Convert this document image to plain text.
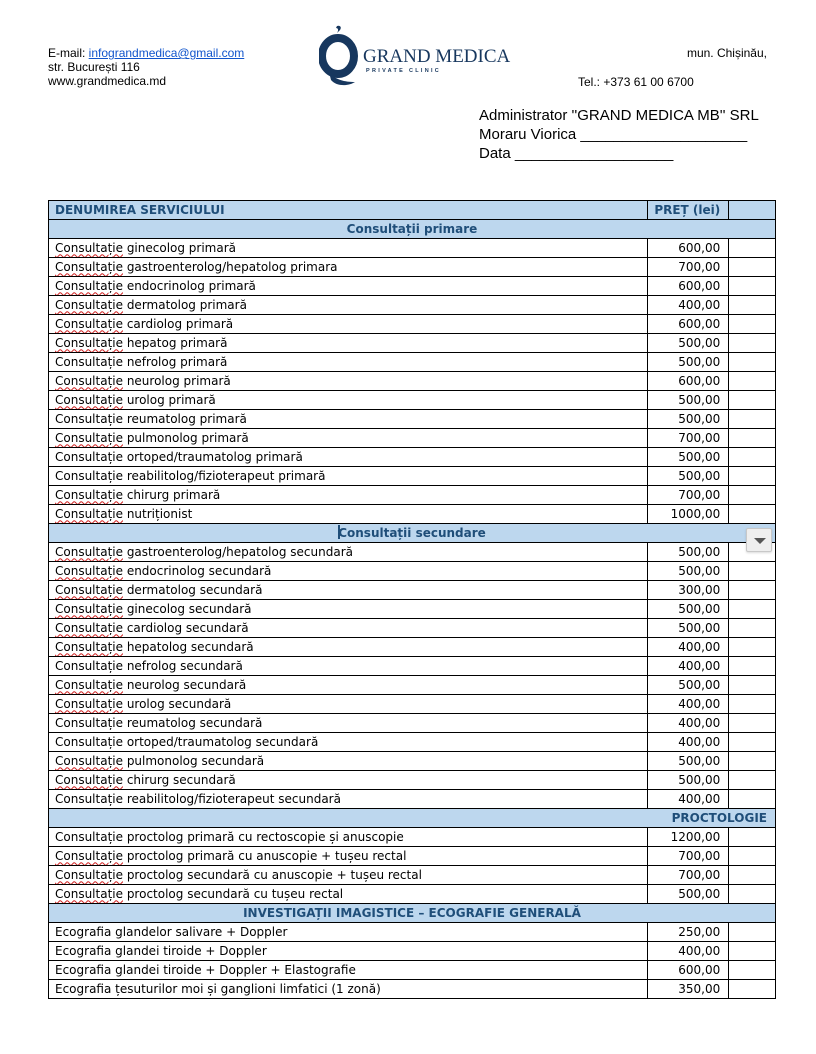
E-mail: infograndmedica@gmail.com
str. București 116
www.grandmedica.md
GRAND MEDICA
PRIVATE CLINIC
mun. Chișinău,
Tel.: +373 61 00 6700
Administrator ''GRAND MEDICA MB'' SRL
Moraru Viorica ____________________
Data ___________________
DENUMIREA SERVICIULUI	PREȚ (lei)	
Consultații primare		
Consultație ginecolog primară	600,00	
Consultație gastroenterolog/hepatolog primara	700,00	
Consultație endocrinolog primară	600,00	
Consultație dermatolog primară	400,00	
Consultație cardiolog primară	600,00	
Consultație hepatog primară	500,00	
Consultație nefrolog primară	500,00	
Consultație neurolog primară	600,00	
Consultație urolog primară	500,00	
Consultație reumatolog primară	500,00	
Consultație pulmonolog primară	700,00	
Consultație ortoped/traumatolog primară	500,00	
Consultație reabilitolog/fizioterapeut primară	500,00	
Consultație chirurg primară	700,00	
Consultație nutriționist	1000,00	
Consultații secundare		
Consultație gastroenterolog/hepatolog secundară	500,00	
Consultație endocrinolog secundară	500,00	
Consultație dermatolog secundară	300,00	
Consultație ginecolog secundară	500,00	
Consultație cardiolog secundară	500,00	
Consultație hepatolog secundară	400,00	
Consultație nefrolog secundară	400,00	
Consultație neurolog secundară	500,00	
Consultație urolog secundară	400,00	
Consultație reumatolog secundară	400,00	
Consultație ortoped/traumatolog secundară	400,00	
Consultație pulmonolog secundară	500,00	
Consultație chirurg secundară	500,00	
Consultație reabilitolog/fizioterapeut secundară	400,00	
PROCTOLOGIE		
Consultație proctolog primară cu rectoscopie și anuscopie	1200,00	
Consultație proctolog primară cu anuscopie + tușeu rectal	700,00	
Consultație proctolog secundară cu anuscopie + tușeu rectal	700,00	
Consultație proctolog secundară cu tușeu rectal	500,00	
INVESTIGAȚII IMAGISTICE – ECOGRAFIE GENERALĂ		
Ecografia glandelor salivare + Doppler	250,00	
Ecografia glandei tiroide + Doppler	400,00	
Ecografia glandei tiroide + Doppler + Elastografie	600,00	
Ecografia țesuturilor moi și ganglioni limfatici (1 zonă)	350,00	
